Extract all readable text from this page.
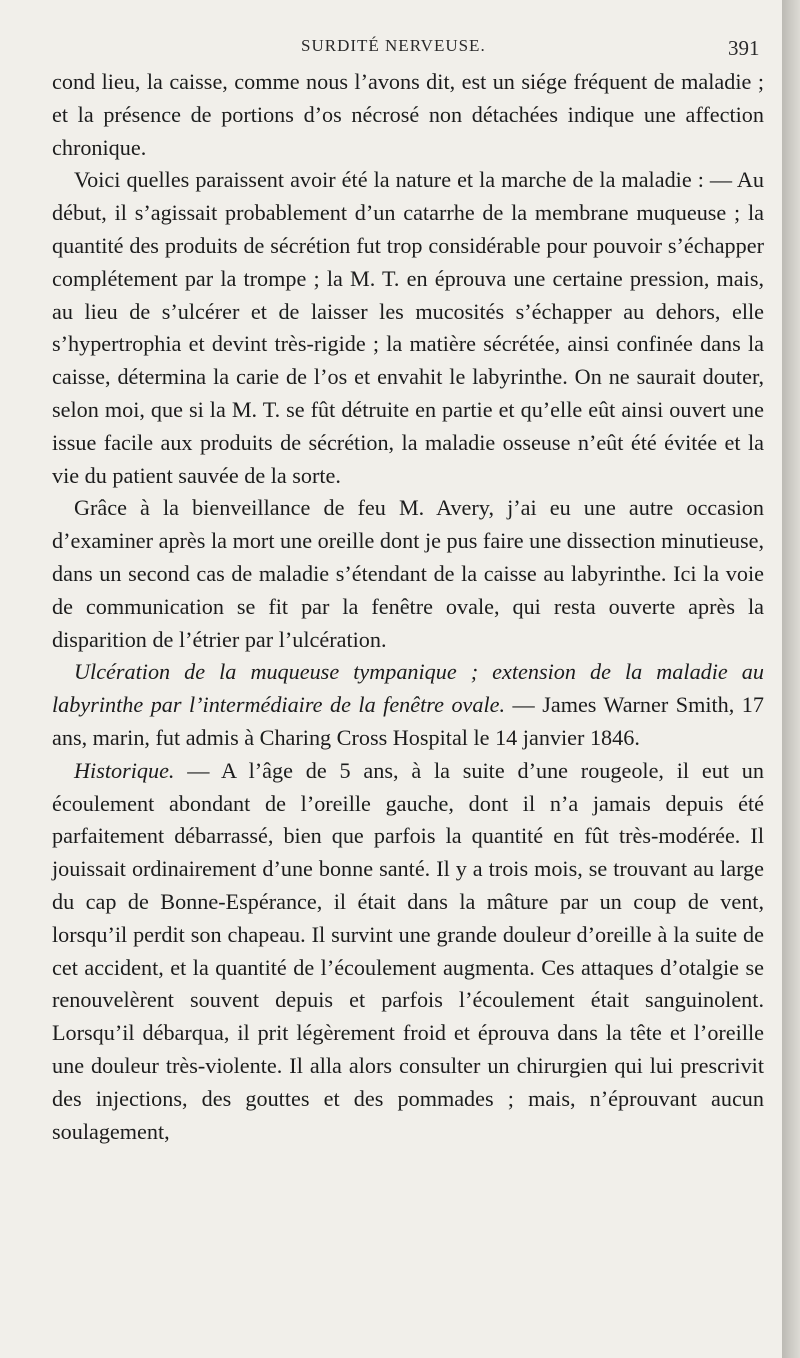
SURDITÉ NERVEUSE.	391

cond lieu, la caisse, comme nous l’avons dit, est un siége fréquent de maladie ; et la présence de portions d’os nécrosé non détachées indique une affection chronique.

Voici quelles paraissent avoir été la nature et la marche de la maladie : — Au début, il s’agissait probablement d’un catarrhe de la membrane muqueuse ; la quantité des produits de sécrétion fut trop considérable pour pouvoir s’échapper complétement par la trompe ; la M. T. en éprouva une certaine pression, mais, au lieu de s’ulcérer et de laisser les mucosités s’échapper au dehors, elle s’hypertrophia et devint très-rigide ; la matière sécrétée, ainsi confinée dans la caisse, détermina la carie de l’os et envahit le labyrinthe. On ne saurait douter, selon moi, que si la M. T. se fût détruite en partie et qu’elle eût ainsi ouvert une issue facile aux produits de sécrétion, la maladie osseuse n’eût été évitée et la vie du patient sauvée de la sorte.

Grâce à la bienveillance de feu M. Avery, j’ai eu une autre occasion d’examiner après la mort une oreille dont je pus faire une dissection minutieuse, dans un second cas de maladie s’étendant de la caisse au labyrinthe. Ici la voie de communication se fit par la fenêtre ovale, qui resta ouverte après la disparition de l’étrier par l’ulcération.

Ulcération de la muqueuse tympanique ; extension de la maladie au labyrinthe par l’intermédiaire de la fenêtre ovale. — James Warner Smith, 17 ans, marin, fut admis à Charing Cross Hospital le 14 janvier 1846.

Historique. — A l’âge de 5 ans, à la suite d’une rougeole, il eut un écoulement abondant de l’oreille gauche, dont il n’a jamais depuis été parfaitement débarrassé, bien que parfois la quantité en fût très-modérée. Il jouissait ordinairement d’une bonne santé. Il y a trois mois, se trouvant au large du cap de Bonne-Espérance, il était dans la mâture par un coup de vent, lorsqu’il perdit son chapeau. Il survint une grande douleur d’oreille à la suite de cet accident, et la quantité de l’écoulement augmenta. Ces attaques d’otalgie se renouvelèrent souvent depuis et parfois l’écoulement était sanguinolent. Lorsqu’il débarqua, il prit légèrement froid et éprouva dans la tête et l’oreille une douleur très-violente. Il alla alors consulter un chirurgien qui lui prescrivit des injections, des gouttes et des pommades ; mais, n’éprouvant aucun soulagement,
